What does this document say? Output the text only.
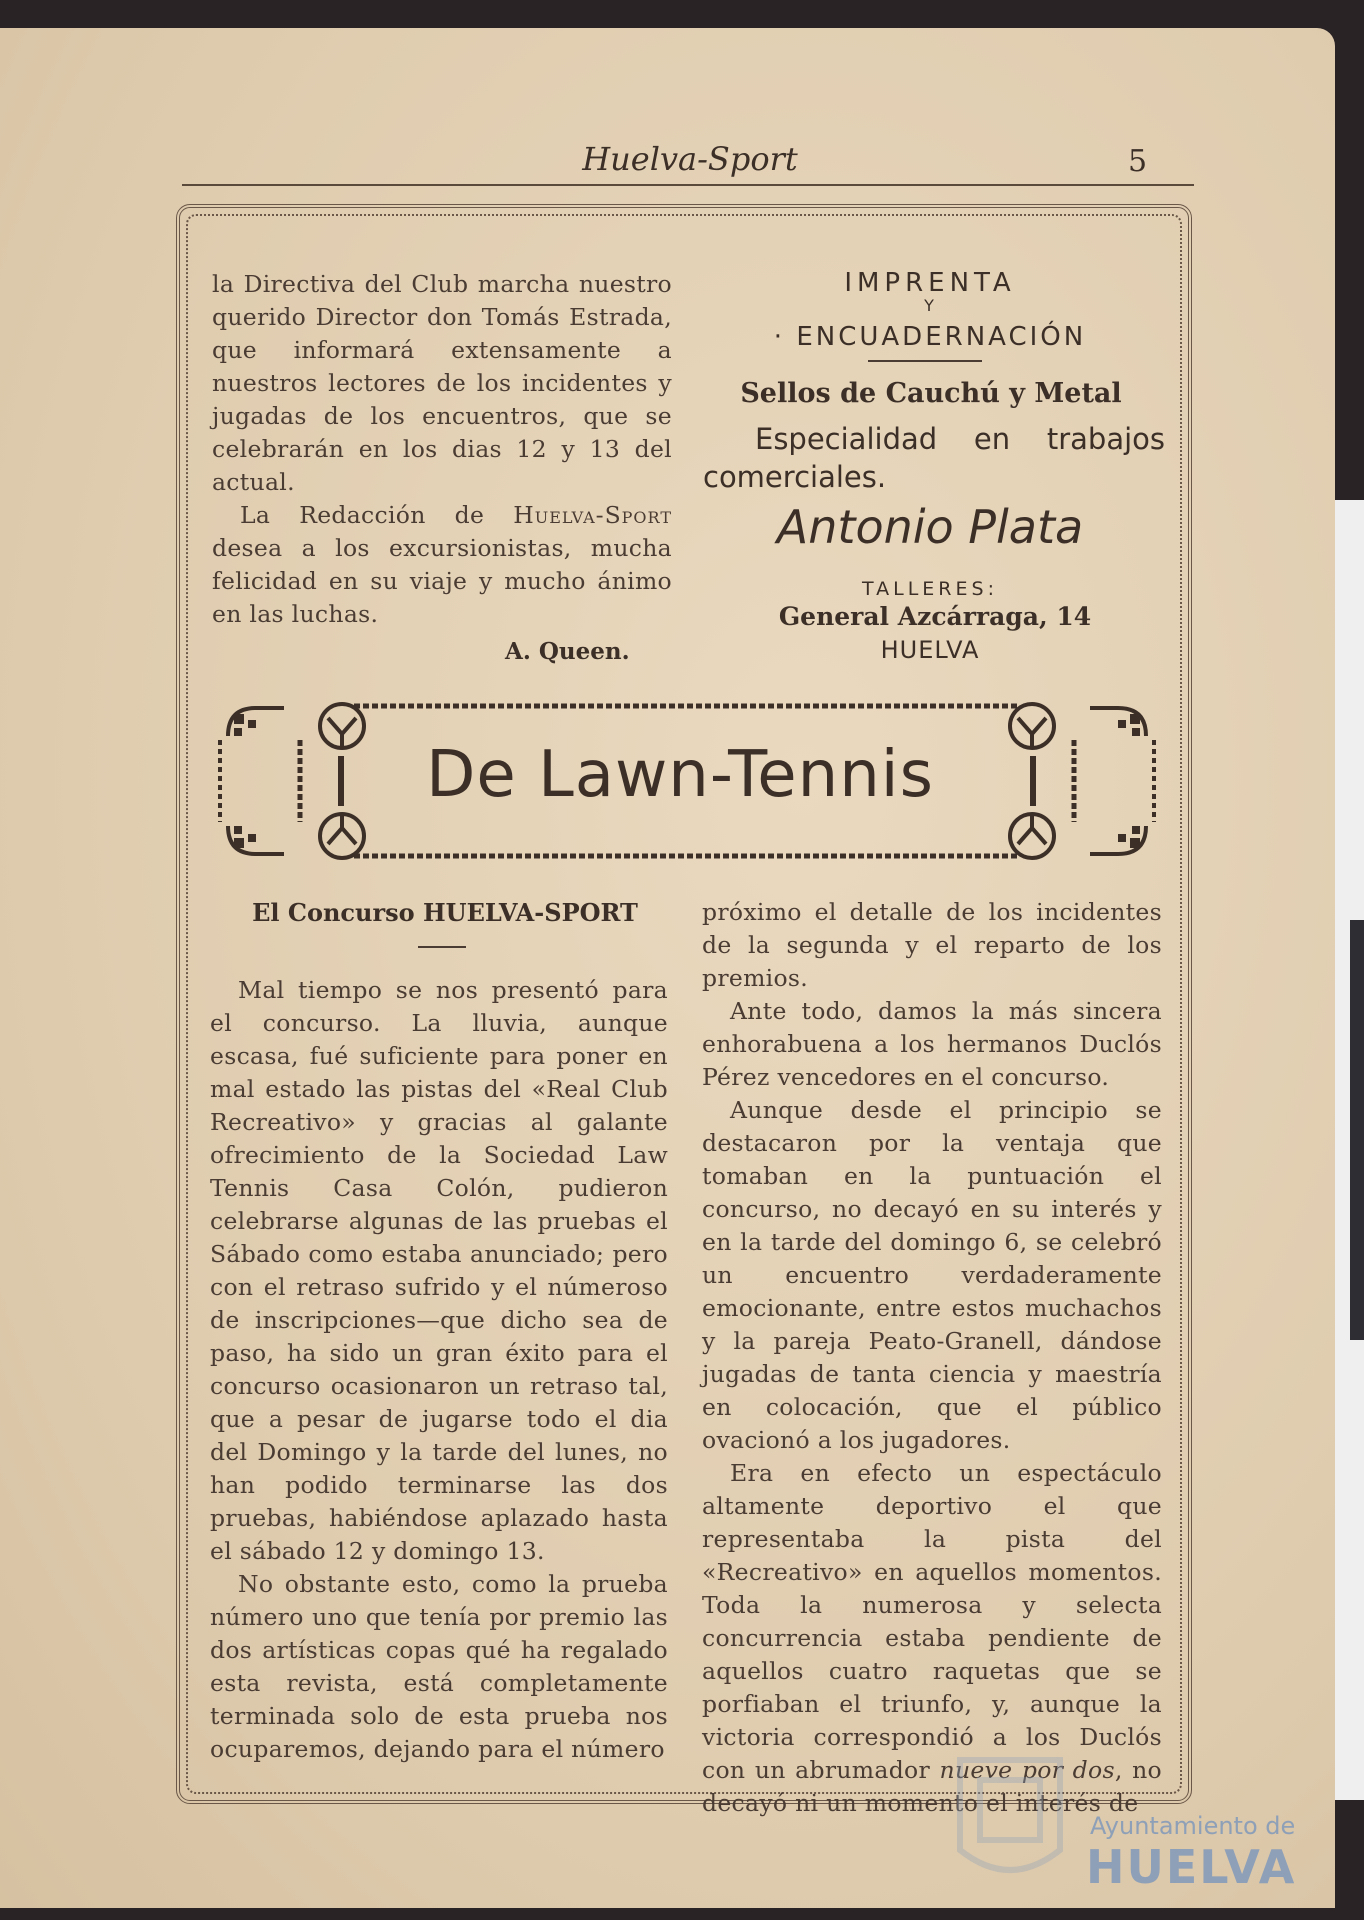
Huelva-Sport	5

la Directiva del Club marcha nuestro querido Director don Tomás Estrada, que informará extensamente a nuestros lectores de los incidentes y jugadas de los encuentros, que se celebrarán en los dias 12 y 13 del actual.

La Redacción de Huelva-Sport desea a los excursionistas, mucha felicidad en su viaje y mucho ánimo en las luchas.

A. Queen.
IMPRENTA
Y
· ENCUADERNACIÓN
Sellos de Cauchú y Metal
Especialidad en trabajos comerciales.
Antonio Plata
TALLERES:
General Azcárraga, 14
HUELVA
De Lawn-Tennis
El Concurso HUELVA-SPORT

Mal tiempo se nos presentó para el concurso. La lluvia, aunque escasa, fué suficiente para poner en mal estado las pistas del «Real Club Recreativo» y gracias al galante ofrecimiento de la Sociedad Law Tennis Casa Colón, pudieron celebrarse algunas de las pruebas el Sábado como estaba anunciado; pero con el retraso sufrido y el númeroso de inscripciones—que dicho sea de paso, ha sido un gran éxito para el concurso ocasionaron un retraso tal, que a pesar de jugarse todo el dia del Domingo y la tarde del lunes, no han podido terminarse las dos pruebas, habiéndose aplazado hasta el sábado 12 y domingo 13.

No obstante esto, como la prueba número uno que tenía por premio las dos artísticas copas qué ha regalado esta revista, está completamente terminada solo de esta prueba nos ocuparemos, dejando para el número

próximo el detalle de los incidentes de la segunda y el reparto de los premios.

Ante todo, damos la más sincera enhorabuena a los hermanos Duclós Pérez vencedores en el concurso.

Aunque desde el principio se destacaron por la ventaja que tomaban en la puntuación el concurso, no decayó en su interés y en la tarde del domingo 6, se celebró un encuentro verdaderamente emocionante, entre estos muchachos y la pareja Peato-Granell, dándose jugadas de tanta ciencia y maestría en colocación, que el público ovacionó a los jugadores.

Era en efecto un espectáculo altamente deportivo el que representaba la pista del «Recreativo» en aquellos momentos. Toda la numerosa y selecta concurrencia estaba pendiente de aquellos cuatro raquetas que se porfiaban el triunfo, y, aunque la victoria correspondió a los Duclós con un abrumador nueve por dos, no decayó ni un momento el interés de

Ayuntamiento de
HUELVA
